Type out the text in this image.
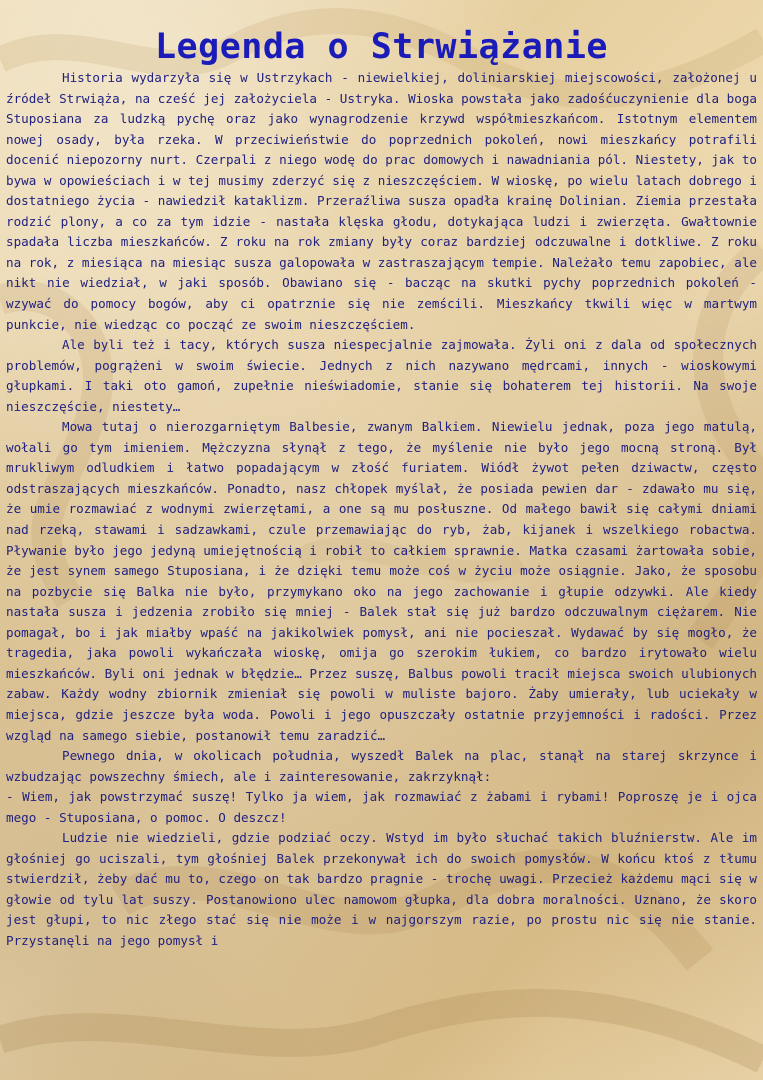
Legenda o Strwiążanie

Historia wydarzyła się w Ustrzykach - niewielkiej, doliniarskiej miejscowości, założonej u źródeł Strwiąża, na cześć jej założyciela - Ustryka. Wioska powstała jako zadośćuczynienie dla boga Stuposiana za ludzką pychę oraz jako wynagrodzenie krzywd współmieszkańcom. Istotnym elementem nowej osady, była rzeka. W przeciwieństwie do poprzednich pokoleń, nowi mieszkańcy potrafili docenić niepozorny nurt. Czerpali z niego wodę do prac domowych i nawadniania pól. Niestety, jak to bywa w opowieściach i w tej musimy zderzyć się z nieszczęściem. W wioskę, po wielu latach dobrego i dostatniego życia - nawiedził kataklizm. Przeraźliwa susza opadła krainę Dolinian. Ziemia przestała rodzić plony, a co za tym idzie - nastała klęska głodu, dotykająca ludzi i zwierzęta. Gwałtownie spadała liczba mieszkańców. Z roku na rok zmiany były coraz bardziej odczuwalne i dotkliwe. Z roku na rok, z miesiąca na miesiąc susza galopowała w zastraszającym tempie. Należało temu zapobiec, ale nikt nie wiedział, w jaki sposób. Obawiano się - bacząc na skutki pychy poprzednich pokoleń - wzywać do pomocy bogów, aby ci opatrznie się nie zemścili. Mieszkańcy tkwili więc w martwym punkcie, nie wiedząc co począć ze swoim nieszczęściem.

Ale byli też i tacy, których susza niespecjalnie zajmowała. Żyli oni z dala od społecznych problemów, pogrążeni w swoim świecie. Jednych z nich nazywano mędrcami, innych - wioskowymi głupkami. I taki oto gamoń, zupełnie nieświadomie, stanie się bohaterem tej historii. Na swoje nieszczęście, niestety…

Mowa tutaj o nierozgarniętym Balbesie, zwanym Balkiem. Niewielu jednak, poza jego matulą, wołali go tym imieniem. Mężczyzna słynął z tego, że myślenie nie było jego mocną stroną. Był mrukliwym odludkiem i łatwo popadającym w złość furiatem. Wiódł żywot pełen dziwactw, często odstraszających mieszkańców. Ponadto, nasz chłopek myślał, że posiada pewien dar - zdawało mu się, że umie rozmawiać z wodnymi zwierzętami, a one są mu posłuszne. Od małego bawił się całymi dniami nad rzeką, stawami i sadzawkami, czule przemawiając do ryb, żab, kijanek i wszelkiego robactwa. Pływanie było jego jedyną umiejętnością i robił to całkiem sprawnie. Matka czasami żartowała sobie, że jest synem samego Stuposiana, i że dzięki temu może coś w życiu może osiągnie. Jako, że sposobu na pozbycie się Balka nie było, przymykano oko na jego zachowanie i głupie odzywki. Ale kiedy nastała susza i jedzenia zrobiło się mniej - Balek stał się już bardzo odczuwalnym ciężarem. Nie pomagał, bo i jak miałby wpaść na jakikolwiek pomysł, ani nie pocieszał. Wydawać by się mogło, że tragedia, jaka powoli wykańczała wioskę, omija go szerokim łukiem, co bardzo irytowało wielu mieszkańców. Byli oni jednak w błędzie… Przez suszę, Balbus powoli tracił miejsca swoich ulubionych zabaw. Każdy wodny zbiornik zmieniał się powoli w muliste bajoro. Żaby umierały, lub uciekały w miejsca, gdzie jeszcze była woda. Powoli i jego opuszczały ostatnie przyjemności i radości. Przez wzgląd na samego siebie, postanowił temu zaradzić…

Pewnego dnia, w okolicach południa, wyszedł Balek na plac, stanął na starej skrzynce i wzbudzając powszechny śmiech, ale i zainteresowanie, zakrzyknął:

- Wiem, jak powstrzymać suszę! Tylko ja wiem, jak rozmawiać z żabami i rybami! Poproszę je i ojca mego - Stuposiana, o pomoc. O deszcz!

Ludzie nie wiedzieli, gdzie podziać oczy. Wstyd im było słuchać takich bluźnierstw. Ale im głośniej go uciszali, tym głośniej Balek przekonywał ich do swoich pomysłów. W końcu ktoś z tłumu stwierdził, żeby dać mu to, czego on tak bardzo pragnie - trochę uwagi. Przecież każdemu mąci się w głowie od tylu lat suszy. Postanowiono ulec namowom głupka, dla dobra moralności. Uznano, że skoro jest głupi, to nic złego stać się nie może i w najgorszym razie, po prostu nic się nie stanie. Przystanęli na jego pomysł i
